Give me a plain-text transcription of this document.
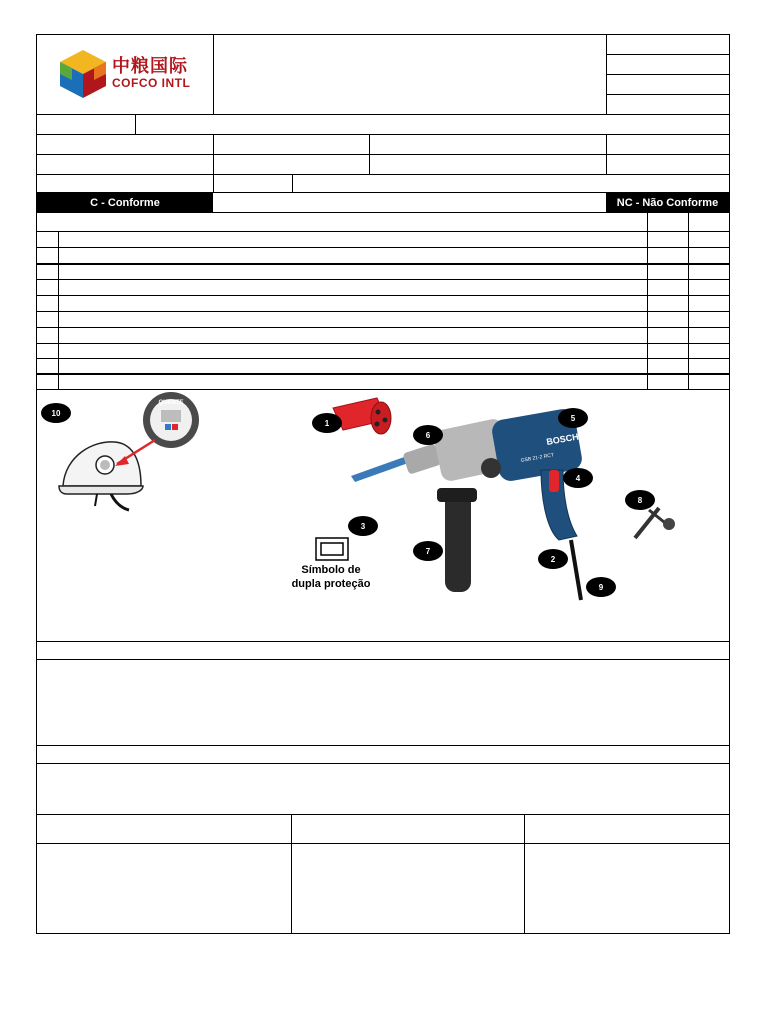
中粮国际
COFCO INTL
C - Conforme	NC - Não Conforme
QUENTE
BOSCH
GSB 21-2 RCT
10
1
5
6
4
8
3
7
2
9
Símbolo de
dupla proteção
